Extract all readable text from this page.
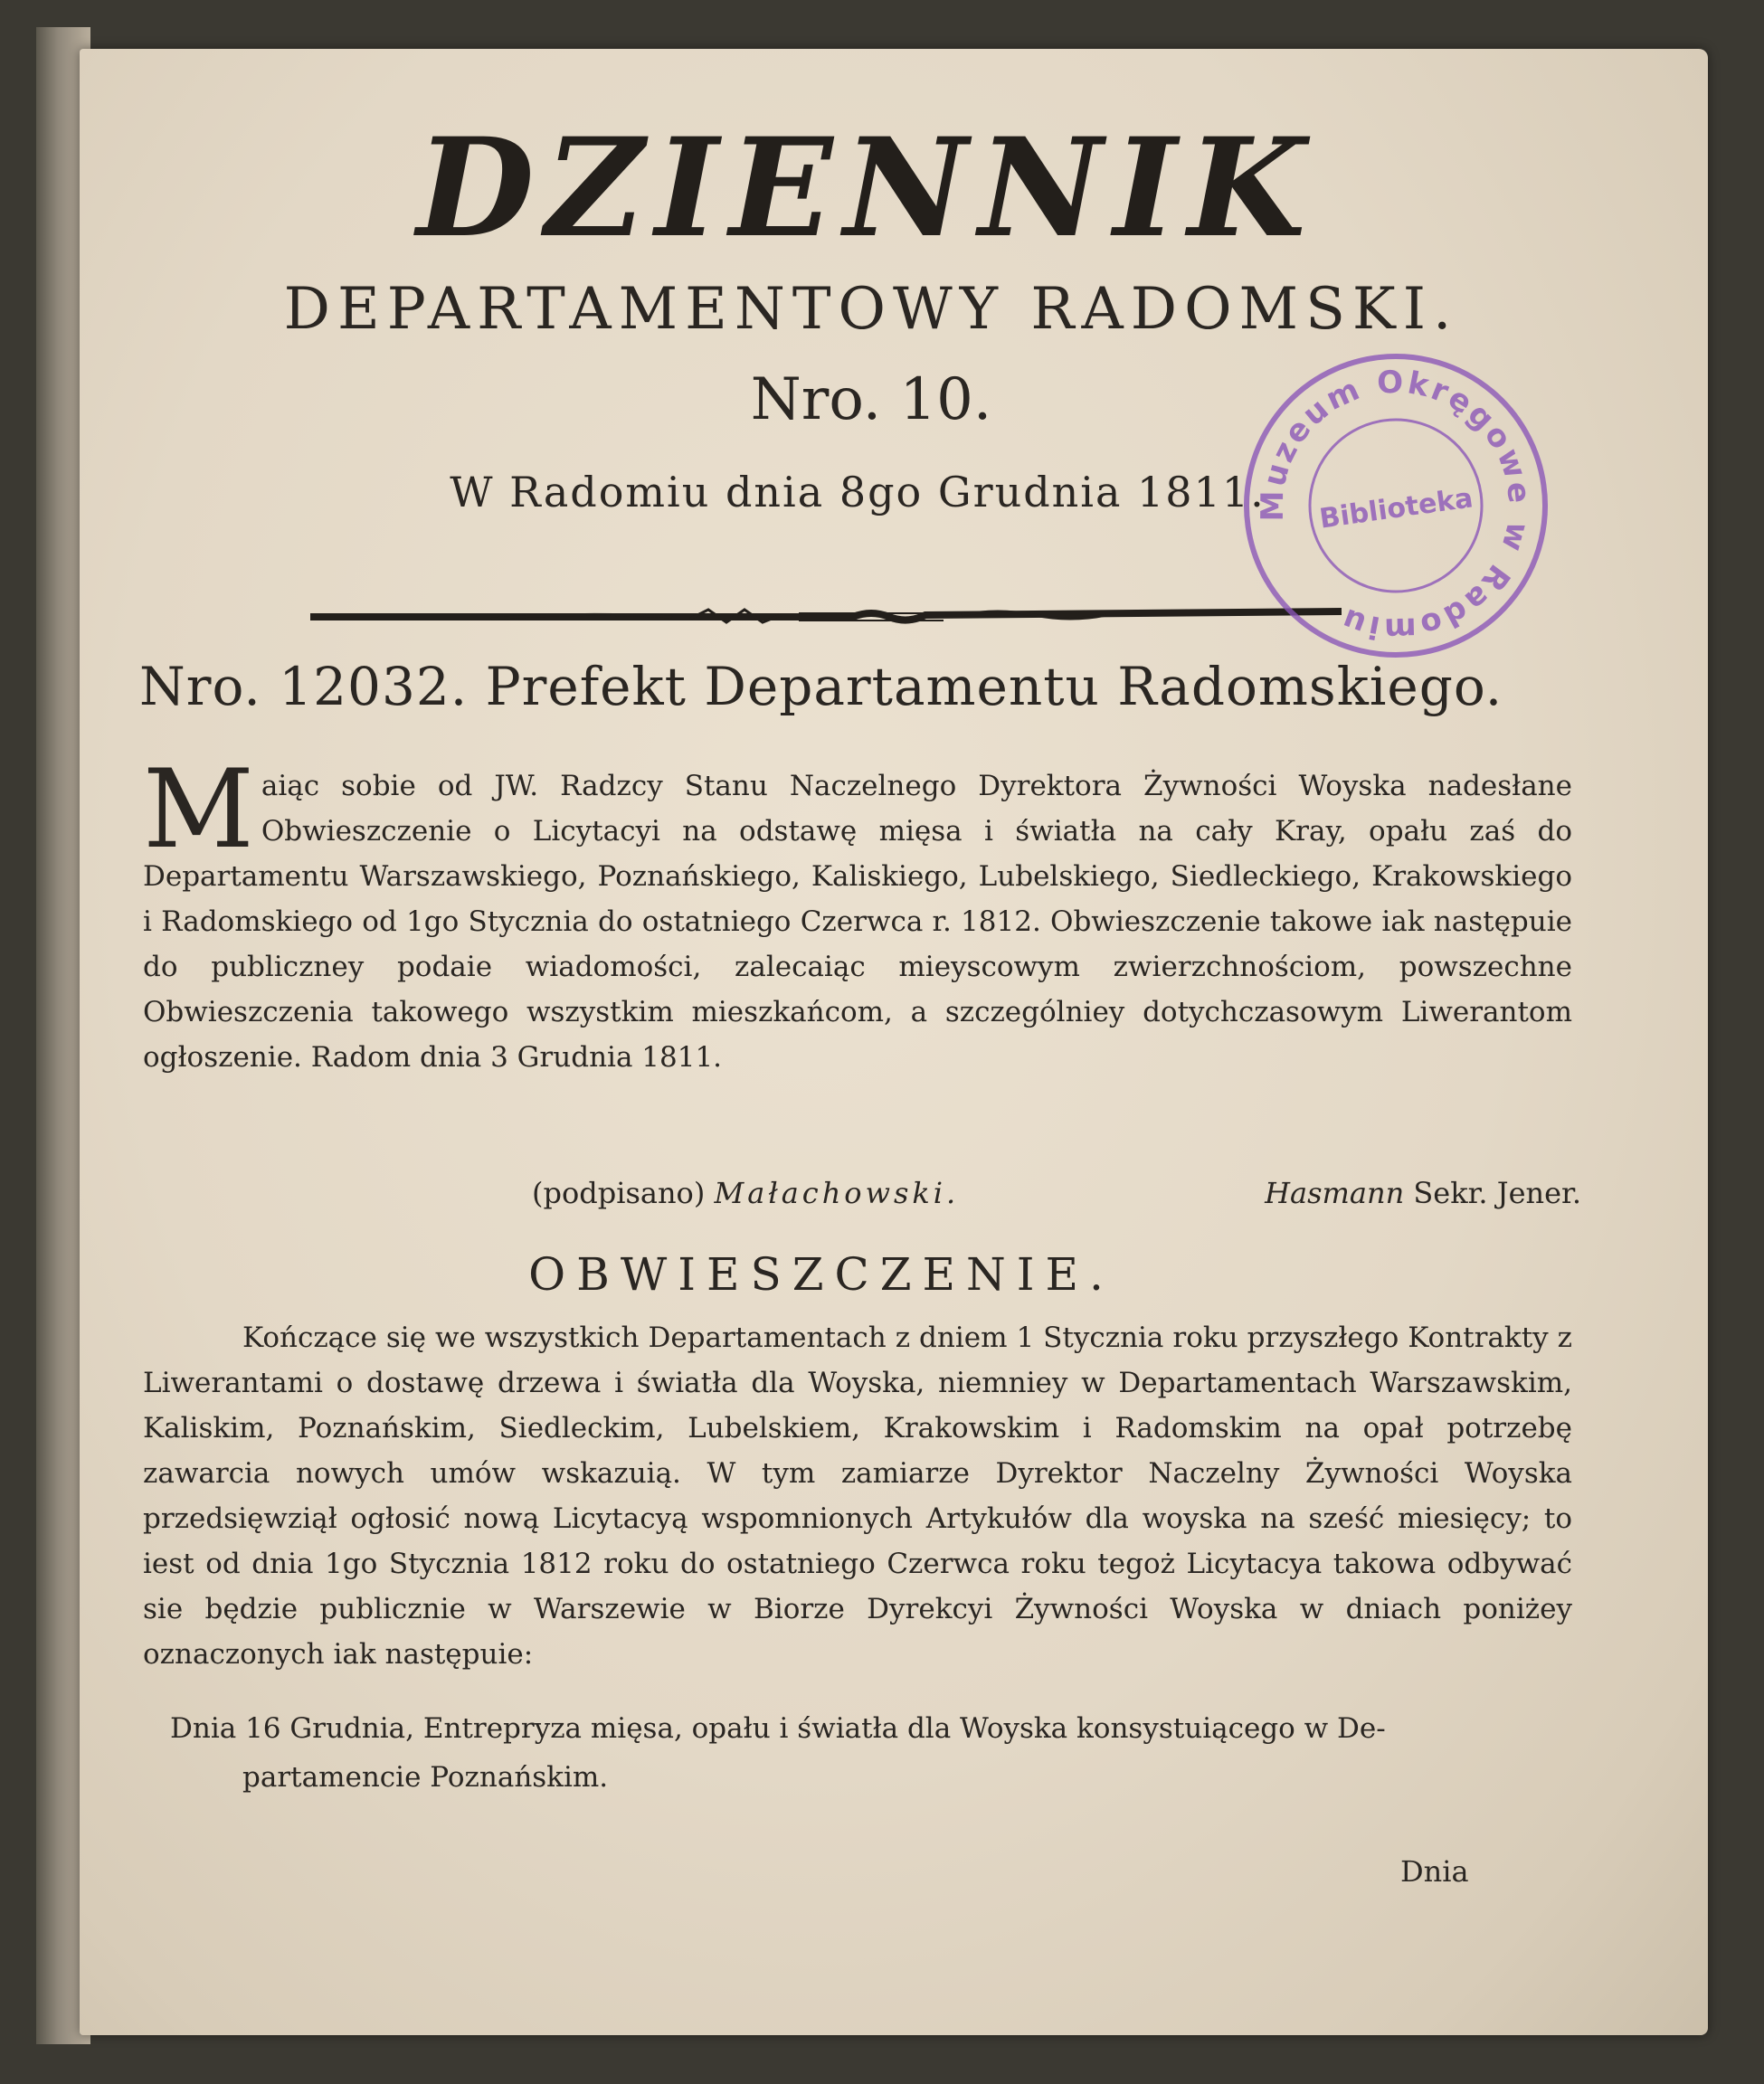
DZIENNIK
DEPARTAMENTOWY RADOMSKI.
Nro. 10.
W Radomiu dnia 8go Grudnia 1811.
Muzeum Okręgowe w Radomiu
Biblioteka
Nro. 12032. Prefekt Departamentu Radomskiego.

Maiąc sobie od JW. Radzcy Stanu Naczelnego Dyrektora Żywności Woyska nadesłane Obwieszczenie o Licytacyi na odstawę mięsa i światła na cały Kray, opału zaś do Departamentu Warszawskiego, Poznańskiego, Kaliskiego, Lubelskiego, Siedleckiego, Krakowskiego i Radomskiego od 1go Stycznia do ostatniego Czerwca r. 1812. Obwieszczenie takowe iak następuie do publiczney podaie wiadomości, zalecaiąc mieyscowym zwierzchnościom, powszechne Obwieszczenia takowego wszystkim mieszkańcom, a szczególniey dotychczasowym Liwerantom ogłoszenie. Radom dnia 3 Grudnia 1811.

(podpisano) Małachowski.	Hasmann Sekr. Jener.
OBWIESZCZENIE.

Kończące się we wszystkich Departamentach z dniem 1 Stycznia roku przyszłego Kontrakty z Liwerantami o dostawę drzewa i światła dla Woyska, niemniey w Departamentach Warszawskim, Kaliskim, Poznańskim, Siedleckim, Lubelskiem, Krakowskim i Radomskim na opał potrzebę zawarcia nowych umów wskazuią. W tym zamiarze Dyrektor Naczelny Żywności Woyska przedsięwziął ogłosić nową Licytacyą wspomnionych Artykułów dla woyska na sześć miesięcy; to iest od dnia 1go Stycznia 1812 roku do ostatniego Czerwca roku tegoż Licytacya takowa odbywać sie będzie publicznie w Warszewie w Biorze Dyrekcyi Żywności Woyska w dniach poniżey oznaczonych iak następuie:

Dnia 16 Grudnia, Entrepryza mięsa, opału i światła dla Woyska konsystuiącego w De-
partamencie Poznańskim.

Dnia
